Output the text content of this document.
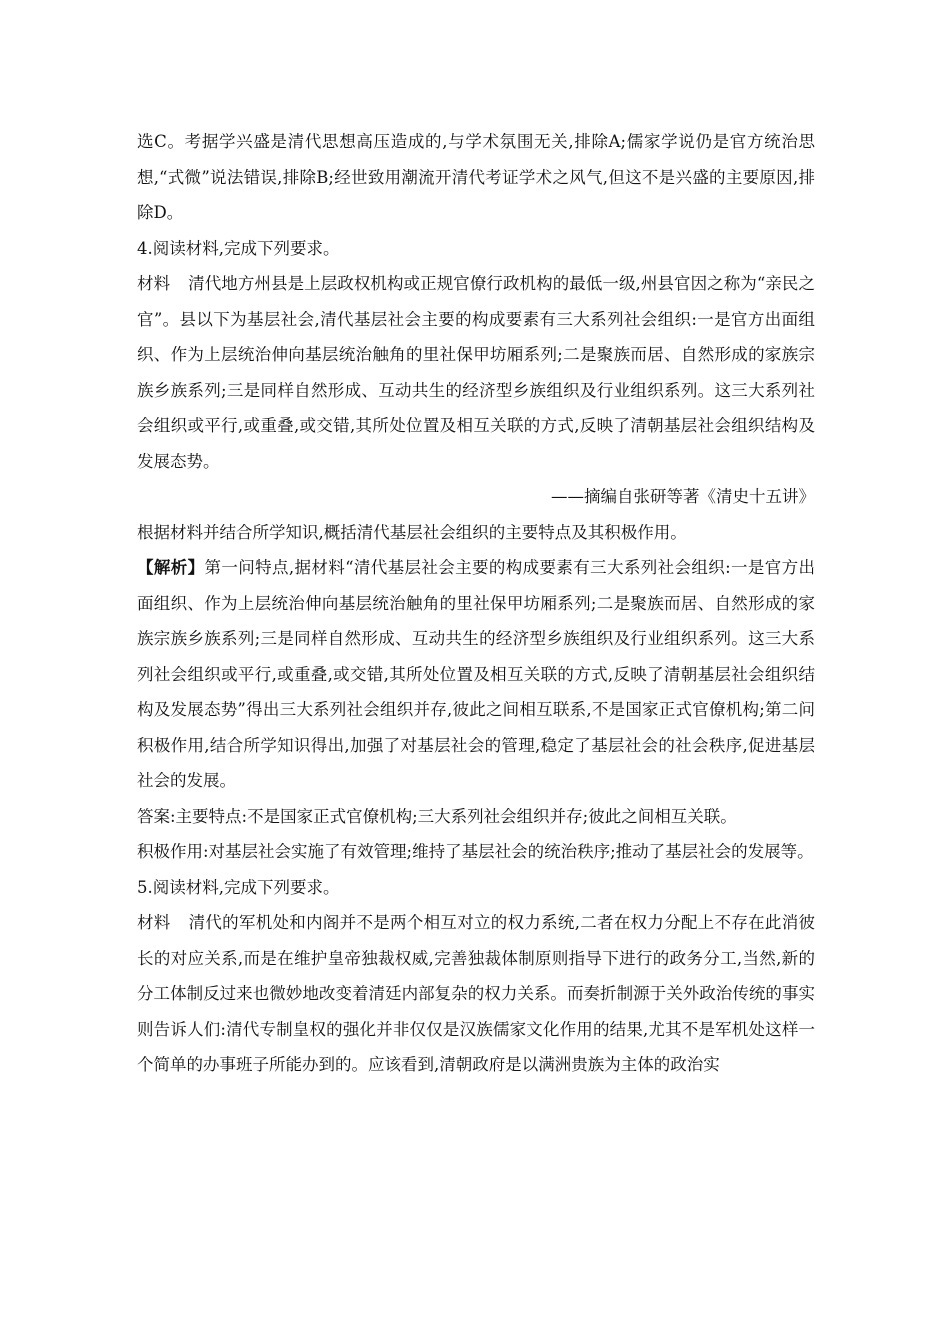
选C。考据学兴盛是清代思想高压造成的,与学术氛围无关,排除A;儒家学说仍是官方统治思想,“式微”说法错误,排除B;经世致用潮流开清代考证学术之风气,但这不是兴盛的主要原因,排除D。

4.阅读材料,完成下列要求。

材料 清代地方州县是上层政权机构或正规官僚行政机构的最低一级,州县官因之称为“亲民之官”。县以下为基层社会,清代基层社会主要的构成要素有三大系列社会组织:一是官方出面组织、作为上层统治伸向基层统治触角的里社保甲坊厢系列;二是聚族而居、自然形成的家族宗族乡族系列;三是同样自然形成、互动共生的经济型乡族组织及行业组织系列。这三大系列社会组织或平行,或重叠,或交错,其所处位置及相互关联的方式,反映了清朝基层社会组织结构及发展态势。

——摘编自张研等著《清史十五讲》

根据材料并结合所学知识,概括清代基层社会组织的主要特点及其积极作用。

【解析】第一问特点,据材料“清代基层社会主要的构成要素有三大系列社会组织:一是官方出面组织、作为上层统治伸向基层统治触角的里社保甲坊厢系列;二是聚族而居、自然形成的家族宗族乡族系列;三是同样自然形成、互动共生的经济型乡族组织及行业组织系列。这三大系列社会组织或平行,或重叠,或交错,其所处位置及相互关联的方式,反映了清朝基层社会组织结构及发展态势”得出三大系列社会组织并存,彼此之间相互联系,不是国家正式官僚机构;第二问积极作用,结合所学知识得出,加强了对基层社会的管理,稳定了基层社会的社会秩序,促进基层社会的发展。

答案:主要特点:不是国家正式官僚机构;三大系列社会组织并存;彼此之间相互关联。

积极作用:对基层社会实施了有效管理;维持了基层社会的统治秩序;推动了基层社会的发展等。

5.阅读材料,完成下列要求。

材料 清代的军机处和内阁并不是两个相互对立的权力系统,二者在权力分配上不存在此消彼长的对应关系,而是在维护皇帝独裁权威,完善独裁体制原则指导下进行的政务分工,当然,新的分工体制反过来也微妙地改变着清廷内部复杂的权力关系。而奏折制源于关外政治传统的事实则告诉人们:清代专制皇权的强化并非仅仅是汉族儒家文化作用的结果,尤其不是军机处这样一个简单的办事班子所能办到的。应该看到,清朝政府是以满洲贵族为主体的政治实
